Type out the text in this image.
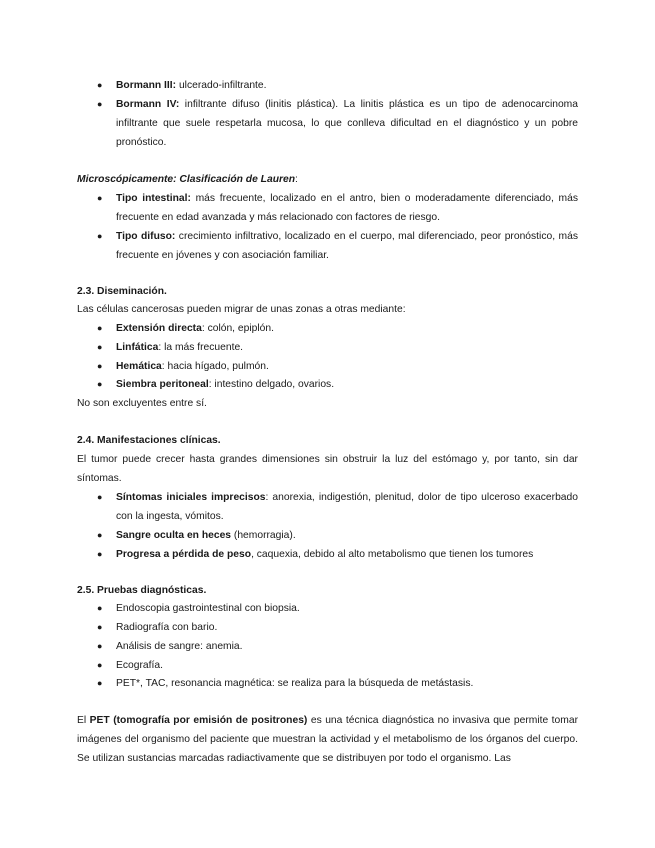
● Bormann III: ulcerado-infiltrante.
● Bormann IV: infiltrante difuso (linitis plástica). La linitis plástica es un tipo de adenocarcinoma infiltrante que suele respetarla mucosa, lo que conlleva dificultad en el diagnóstico y un pobre pronóstico.
Microscópicamente: Clasificación de Lauren:
● Tipo intestinal: más frecuente, localizado en el antro, bien o moderadamente diferenciado, más frecuente en edad avanzada y más relacionado con factores de riesgo.
● Tipo difuso: crecimiento infiltrativo, localizado en el cuerpo, mal diferenciado, peor pronóstico, más frecuente en jóvenes y con asociación familiar.
2.3. Diseminación.
Las células cancerosas pueden migrar de unas zonas a otras mediante:
● Extensión directa: colón, epiplón.
● Linfática: la más frecuente.
● Hemática: hacia hígado, pulmón.
● Siembra peritoneal: intestino delgado, ovarios.
No son excluyentes entre sí.
2.4. Manifestaciones clínicas.
El tumor puede crecer hasta grandes dimensiones sin obstruir la luz del estómago y, por tanto, sin dar síntomas.
● Síntomas iniciales imprecisos: anorexia, indigestión, plenitud, dolor de tipo ulceroso exacerbado con la ingesta, vómitos.
● Sangre oculta en heces (hemorragia).
● Progresa a pérdida de peso, caquexia, debido al alto metabolismo que tienen los tumores
2.5. Pruebas diagnósticas.
● Endoscopia gastrointestinal con biopsia.
● Radiografía con bario.
● Análisis de sangre: anemia.
● Ecografía.
● PET*, TAC, resonancia magnética: se realiza para la búsqueda de metástasis.
El PET (tomografía por emisión de positrones) es una técnica diagnóstica no invasiva que permite tomar imágenes del organismo del paciente que muestran la actividad y el metabolismo de los órganos del cuerpo. Se utilizan sustancias marcadas radiactivamente que se distribuyen por todo el organismo. Las
